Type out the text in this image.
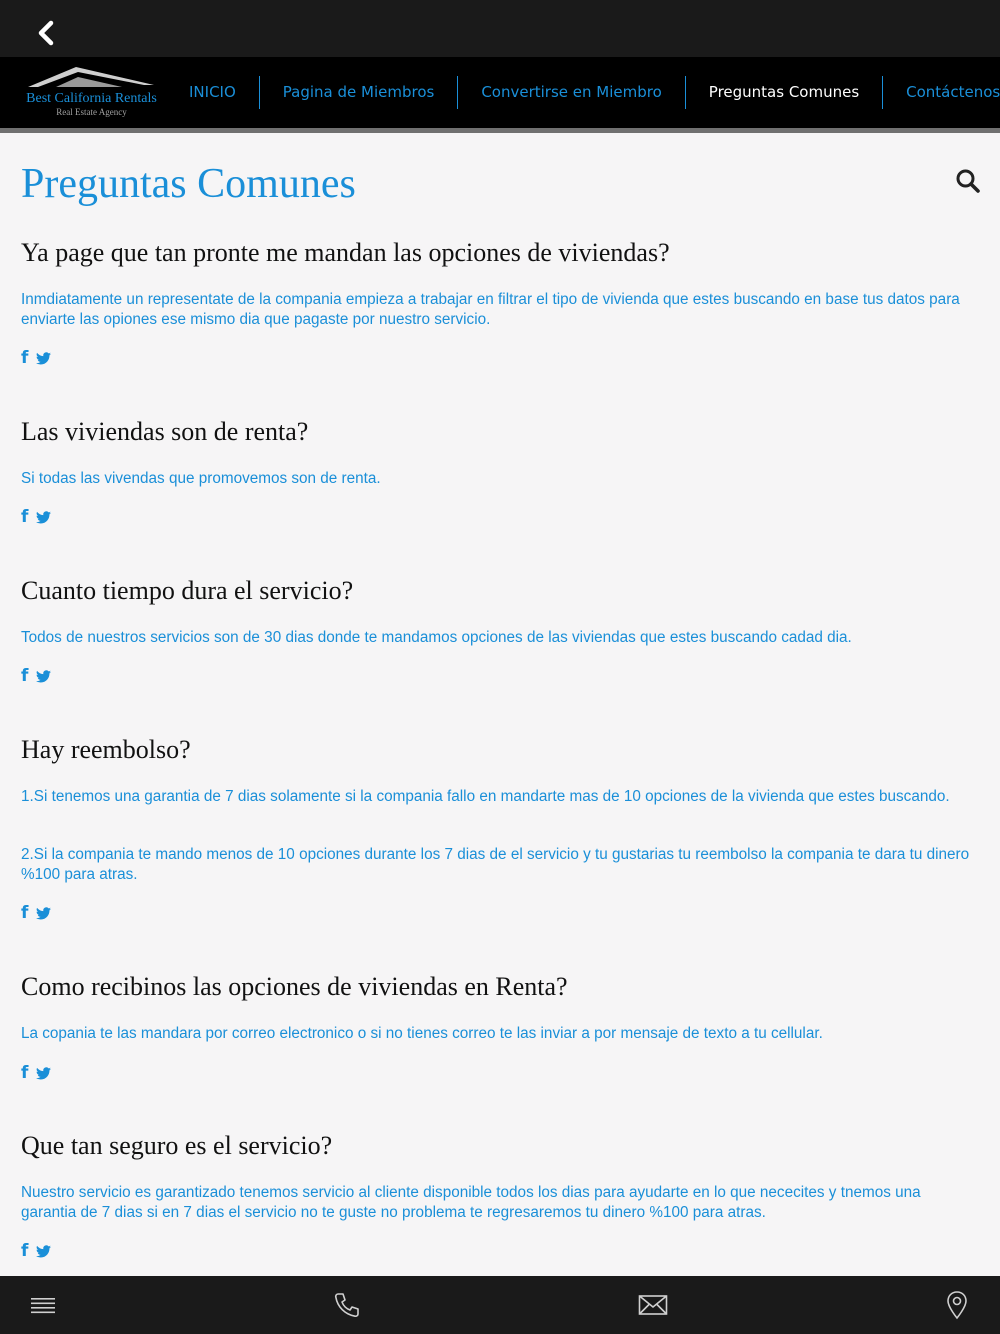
Best California Rentals
Real Estate Agency
INICIO	Pagina de Miembros	Convertirse en Miembro	Preguntas Comunes	Contáctenos
Preguntas Comunes
Ya page que tan pronte me mandan las opciones de viviendas?

Inmdiatamente un representate de la compania empieza a trabajar en filtrar el tipo de vivienda que estes buscando en base tus datos para enviarte las opiones ese mismo dia que pagaste por nuestro servicio.

f
Las viviendas son de renta?

Si todas las vivendas que promovemos son de renta.

f
Cuanto tiempo dura el servicio?

Todos de nuestros servicios son de 30 dias donde te mandamos opciones de las viviendas que estes buscando cadad dia.

f
Hay reembolso?

1.Si tenemos una garantia de 7 dias solamente si la compania fallo en mandarte mas de 10 opciones de la vivienda que estes buscando.

2.Si la compania te mando menos de 10 opciones durante los 7 dias de el servicio y tu gustarias tu reembolso la compania te dara tu dinero %100 para atras.

f
Como recibinos las opciones de viviendas en Renta?

La copania te las mandara por correo electronico o si no tienes correo te las inviar a por mensaje de texto a tu cellular.

f
Que tan seguro es el servicio?

Nuestro servicio es garantizado tenemos servicio al cliente disponible todos los dias para ayudarte en lo que nececites y tnemos una garantia de 7 dias si en 7 dias el servicio no te guste no problema te regresaremos tu dinero %100 para atras.

f
